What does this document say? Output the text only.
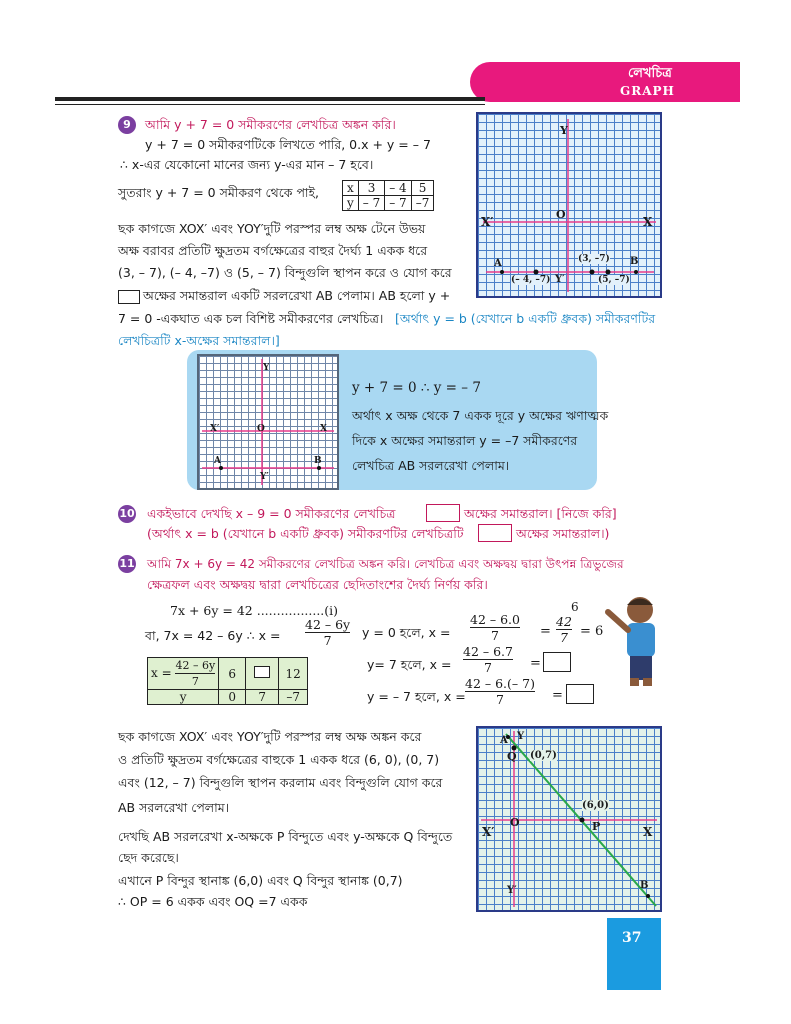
লেখচিত্র
GRAPH
9	আমি y + 7 = 0 সমীকরণের লেখচিত্র অঙ্কন করি।
y + 7 = 0 সমীকরণটিকে লিখতে পারি, 0.x + y = – 7
∴ x-এর যেকোনো মানের জন্য y-এর মান – 7 হবে।
সুতরাং y + 7 = 0 সমীকরণ থেকে পাই, x	3	– 4	5
y	– 7	– 7	–7
ছক কাগজে XOX′ এবং YOY′দুটি পরস্পর লম্ব অক্ষ টেনে উভয়
অক্ষ বরাবর প্রতিটি ক্ষুদ্রতম বর্গক্ষেত্রের বাহুর দৈর্ঘ্য 1 একক ধরে
(3, – 7), (– 4, –7) ও (5, – 7) বিন্দুগুলি স্থাপন করে ও যোগ করে
অক্ষের সমান্তরাল একটি সরলরেখা AB পেলাম। AB হলো y +
7 = 0 -একঘাত এক চল বিশিষ্ট সমীকরণের লেখচিত্র। [অর্থাৎ y = b (যেখানে b একটি ধ্রুবক) সমীকরণটির
লেখচিত্রটি x-অক্ষের সমান্তরাল।]
Y
X
X′
O
A	B
(– 4, –7) Y′
(3, –7)
(5, –7)
Y
X′	X
O
A
Y′
B
y + 7 = 0 ∴ y = – 7
অর্থাৎ x অক্ষ থেকে 7 একক দূরে y অক্ষের ঋণাত্মক
দিকে x অক্ষের সমান্তরাল y = –7 সমীকরণের
লেখচিত্র AB সরলরেখা পেলাম।
10 একইভাবে দেখছি x – 9 = 0 সমীকরণের লেখচিত্র	অক্ষের সমান্তরাল। [নিজে করি]
(অর্থাৎ x = b (যেখানে b একটি ধ্রুবক) সমীকরণটির লেখচিত্রটি	অক্ষের সমান্তরাল।)
11 আমি 7x + 6y = 42 সমীকরণের লেখচিত্র অঙ্কন করি। লেখচিত্র এবং অক্ষদ্বয় দ্বারা উৎপন্ন ত্রিভুজের
ক্ষেত্রফল এবং অক্ষদ্বয় দ্বারা লেখচিত্রের ছেদিতাংশের দৈর্ঘ্য নির্ণয় করি।
7x + 6y = 42 .................(i)
বা, 7x = 42 – 6y ∴ $x = \frac{42 - 6y}{7}$ y = 0 হলে, $x = \frac{42 - 6.0}{7} = \frac{42}{7}$
6
= 6
y= 7 হলে, $x = \frac{42 - 6.7}{7}$ =
y = – 7 হলে, $x = \frac{42 - 6.(- 7)}{7}$ =
$x = \frac{42 - 6y}{7}$	6		12
y	0	7	–7
ছক কাগজে XOX′ এবং YOY′দুটি পরস্পর লম্ব অক্ষ অঙ্কন করে
ও প্রতিটি ক্ষুদ্রতম বর্গক্ষেত্রের বাহুকে 1 একক ধরে (6, 0), (0, 7)
এবং (12, – 7) বিন্দুগুলি স্থাপন করলাম এবং বিন্দুগুলি যোগ করে
AB সরলরেখা পেলাম।
দেখছি AB সরলরেখা x-অক্ষকে P বিন্দুতে এবং y-অক্ষকে Q বিন্দুতে
ছেদ করেছে।
এখানে P বিন্দুর স্থানাঙ্ক (6,0) এবং Q বিন্দুর স্থানাঙ্ক (0,7)
∴ OP = 6 একক এবং OQ =7 একক
A Y
Q (0,7)
(6,0)
P
X′
O
X
Y′	B
37
